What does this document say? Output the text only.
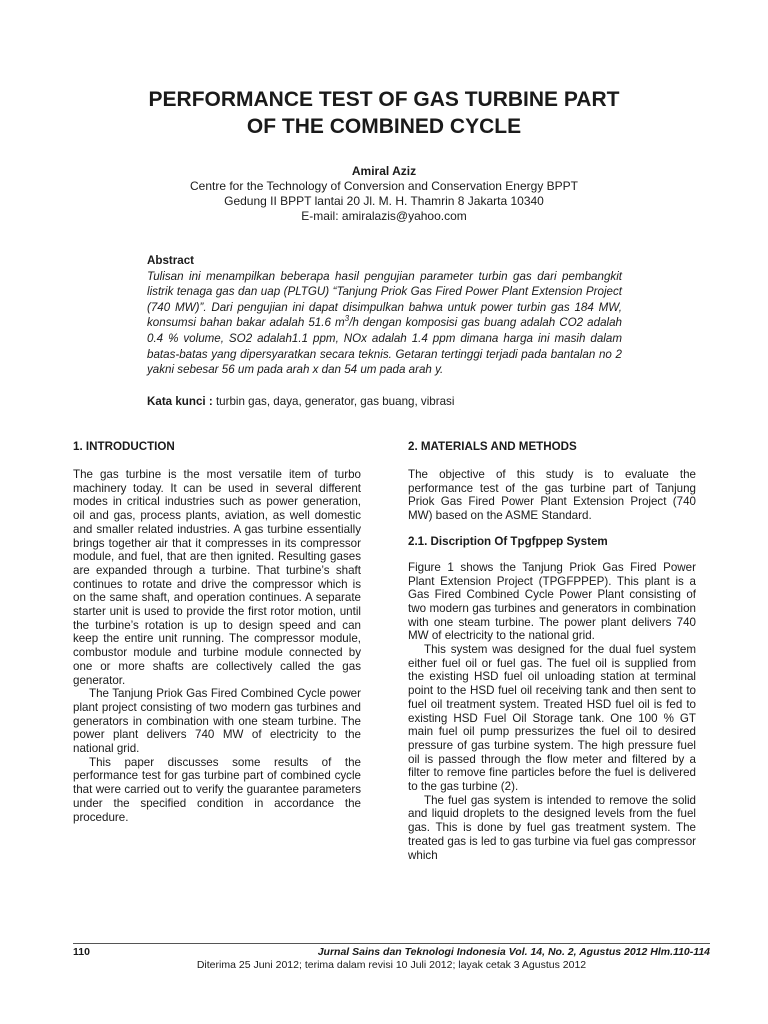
PERFORMANCE TEST OF GAS TURBINE PART
OF THE COMBINED CYCLE
Amiral Aziz
Centre for the Technology of Conversion and Conservation Energy BPPT
Gedung II BPPT lantai 20 Jl. M. H. Thamrin 8 Jakarta 10340
E-mail: amiralazis@yahoo.com
Abstract

Tulisan ini menampilkan beberapa hasil pengujian parameter turbin gas dari pembangkit listrik tenaga gas dan uap (PLTGU) “Tanjung Priok Gas Fired Power Plant Extension Project (740 MW)”. Dari pengujian ini dapat disimpulkan bahwa untuk power turbin gas 184 MW, konsumsi bahan bakar adalah 51.6 $m^3/h$ dengan komposisi gas buang adalah CO2 adalah 0.4 % volume, SO2 adalah1.1 ppm, NOx adalah 1.4 ppm dimana harga ini masih dalam batas-batas yang dipersyaratkan secara teknis. Getaran tertinggi terjadi pada bantalan no 2 yakni sebesar 56 um pada arah x dan 54 um pada arah y.

Kata kunci : turbin gas, daya, generator, gas buang, vibrasi
1. INTRODUCTION

The gas turbine is the most versatile item of turbo machinery today. It can be used in several different modes in critical industries such as power generation, oil and gas, process plants, aviation, as well domestic and smaller related industries. A gas turbine essentially brings together air that it compresses in its compressor module, and fuel, that are then ignited. Resulting gases are expanded through a turbine. That turbine’s shaft continues to rotate and drive the compressor which is on the same shaft, and operation continues. A separate starter unit is used to provide the first rotor motion, until the turbine’s rotation is up to design speed and can keep the entire unit running. The compressor module, combustor module and turbine module connected by one or more shafts are collectively called the gas generator.

The Tanjung Priok Gas Fired Combined Cycle power plant project consisting of two modern gas turbines and generators in combination with one steam turbine. The power plant delivers 740 MW of electricity to the national grid.

This paper discusses some results of the performance test for gas turbine part of combined cycle that were carried out to verify the guarantee parameters under the specified condition in accordance the procedure.

2. MATERIALS AND METHODS

The objective of this study is to evaluate the performance test of the gas turbine part of Tanjung Priok Gas Fired Power Plant Extension Project (740 MW) based on the ASME Standard.

2.1. Discription Of Tpgfppep System

Figure 1 shows the Tanjung Priok Gas Fired Power Plant Extension Project (TPGFPPEP). This plant is a Gas Fired Combined Cycle Power Plant consisting of two modern gas turbines and generators in combination with one steam turbine. The power plant delivers 740 MW of electricity to the national grid.

This system was designed for the dual fuel system either fuel oil or fuel gas. The fuel oil is supplied from the existing HSD fuel oil unloading station at terminal point to the HSD fuel oil receiving tank and then sent to fuel oil treatment system. Treated HSD fuel oil is fed to existing HSD Fuel Oil Storage tank. One 100 % GT main fuel oil pump pressurizes the fuel oil to desired pressure of gas turbine system. The high pressure fuel oil is passed through the flow meter and filtered by a filter to remove fine particles before the fuel is delivered to the gas turbine (2).

The fuel gas system is intended to remove the solid and liquid droplets to the designed levels from the fuel gas. This is done by fuel gas treatment system. The treated gas is led to gas turbine via fuel gas compressor which

110	Jurnal Sains dan Teknologi Indonesia Vol. 14, No. 2, Agustus 2012 Hlm.110-114
Diterima 25 Juni 2012; terima dalam revisi 10 Juli 2012; layak cetak 3 Agustus 2012
